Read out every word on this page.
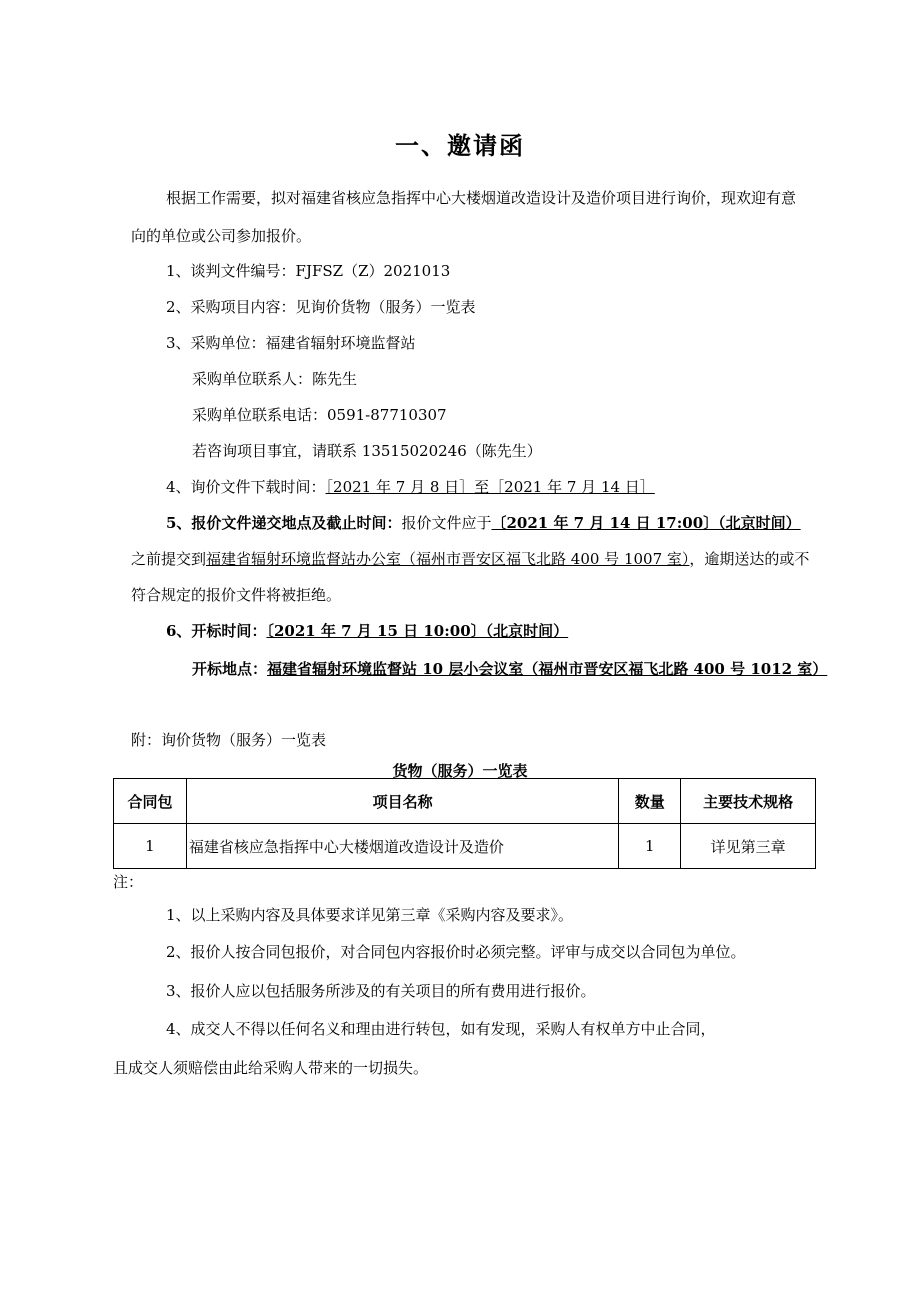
一、邀请函
根据工作需要，拟对福建省核应急指挥中心大楼烟道改造设计及造价项目进行询价，现欢迎有意
向的单位或公司参加报价。
1、谈判文件编号：FJFSZ（Z）2021013
2、采购项目内容：见询价货物（服务）一览表
3、采购单位：福建省辐射环境监督站
采购单位联系人：陈先生
采购单位联系电话：0591-87710307
若咨询项目事宜，请联系 13515020246（陈先生）
4、询价文件下载时间：［2021 年 7 月 8 日］至［2021 年 7 月 14 日］
5、报价文件递交地点及截止时间：报价文件应于〔2021 年 7 月 14 日 17:00〕（北京时间）
之前提交到福建省辐射环境监督站办公室（福州市晋安区福飞北路 400 号 1007 室），逾期送达的或不
符合规定的报价文件将被拒绝。
6、开标时间：〔2021 年 7 月 15 日 10:00〕（北京时间）
开标地点：福建省辐射环境监督站 10 层小会议室（福州市晋安区福飞北路 400 号 1012 室）
附：询价货物（服务）一览表
货物（服务）一览表
合同包	项目名称	数量	主要技术规格
1	福建省核应急指挥中心大楼烟道改造设计及造价	1	详见第三章
注：
1、以上采购内容及具体要求详见第三章《采购内容及要求》。
2、报价人按合同包报价，对合同包内容报价时必须完整。评审与成交以合同包为单位。
3、报价人应以包括服务所涉及的有关项目的所有费用进行报价。
4、成交人不得以任何名义和理由进行转包，如有发现，采购人有权单方中止合同，
且成交人须赔偿由此给采购人带来的一切损失。
